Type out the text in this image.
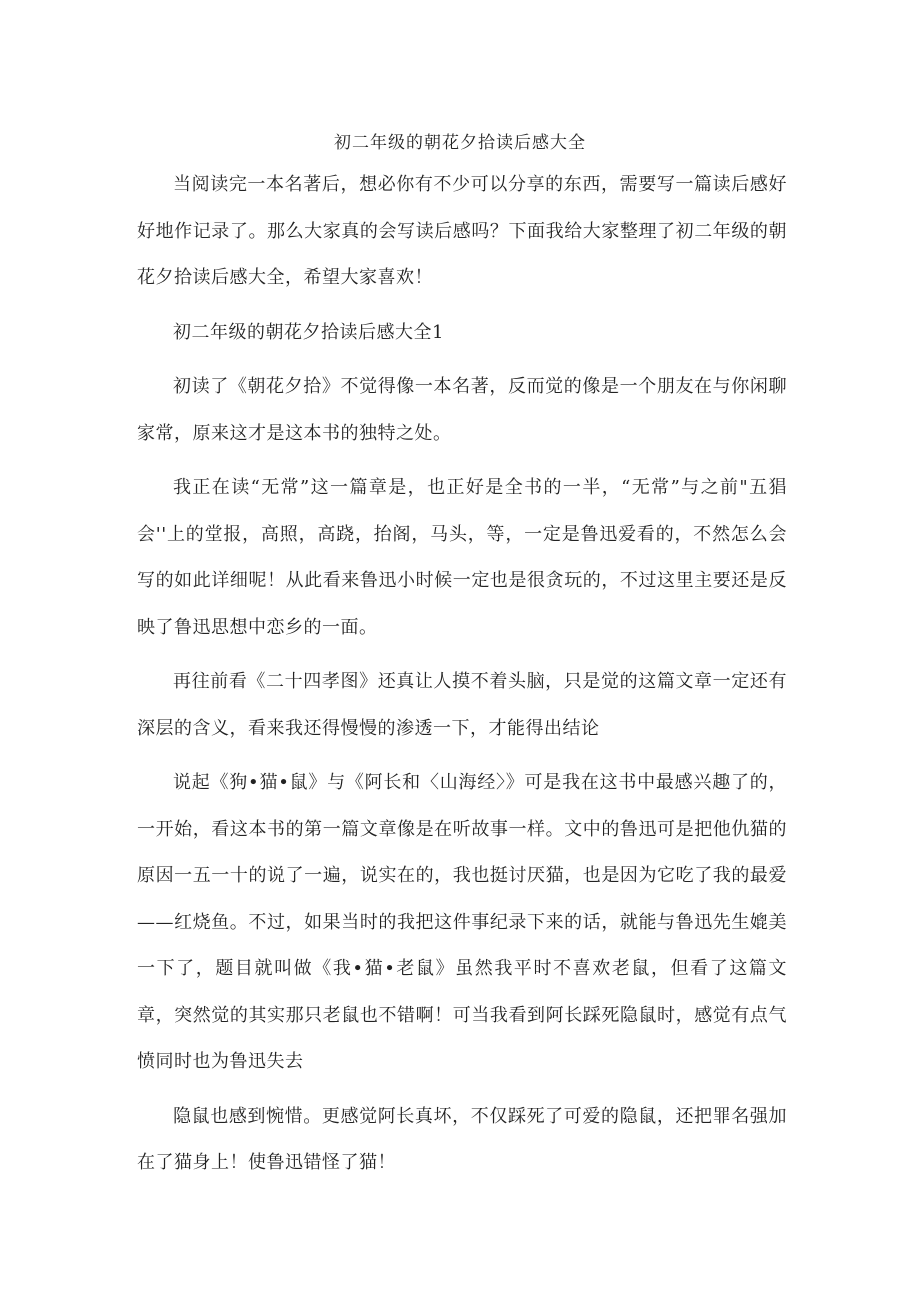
初二年级的朝花夕拾读后感大全

当阅读完一本名著后，想必你有不少可以分享的东西，需要写一篇读后感好好地作记录了。那么大家真的会写读后感吗？下面我给大家整理了初二年级的朝花夕拾读后感大全，希望大家喜欢！

初二年级的朝花夕拾读后感大全1

初读了《朝花夕拾》不觉得像一本名著，反而觉的像是一个朋友在与你闲聊家常，原来这才是这本书的独特之处。

我正在读“无常”这一篇章是，也正好是全书的一半，“无常”与之前"五猖会''上的堂报，高照，高跷，抬阁，马头，等，一定是鲁迅爱看的，不然怎么会写的如此详细呢！从此看来鲁迅小时候一定也是很贪玩的，不过这里主要还是反映了鲁迅思想中恋乡的一面。

再往前看《二十四孝图》还真让人摸不着头脑，只是觉的这篇文章一定还有深层的含义，看来我还得慢慢的渗透一下，才能得出结论

说起《狗•猫•鼠》与《阿长和〈山海经〉》可是我在这书中最感兴趣了的，一开始，看这本书的第一篇文章像是在听故事一样。文中的鲁迅可是把他仇猫的原因一五一十的说了一遍，说实在的，我也挺讨厌猫，也是因为它吃了我的最爱——红烧鱼。不过，如果当时的我把这件事纪录下来的话，就能与鲁迅先生媲美一下了，题目就叫做《我•猫•老鼠》虽然我平时不喜欢老鼠，但看了这篇文章，突然觉的其实那只老鼠也不错啊！可当我看到阿长踩死隐鼠时，感觉有点气愤同时也为鲁迅失去

隐鼠也感到惋惜。更感觉阿长真坏，不仅踩死了可爱的隐鼠，还把罪名强加在了猫身上！使鲁迅错怪了猫！
